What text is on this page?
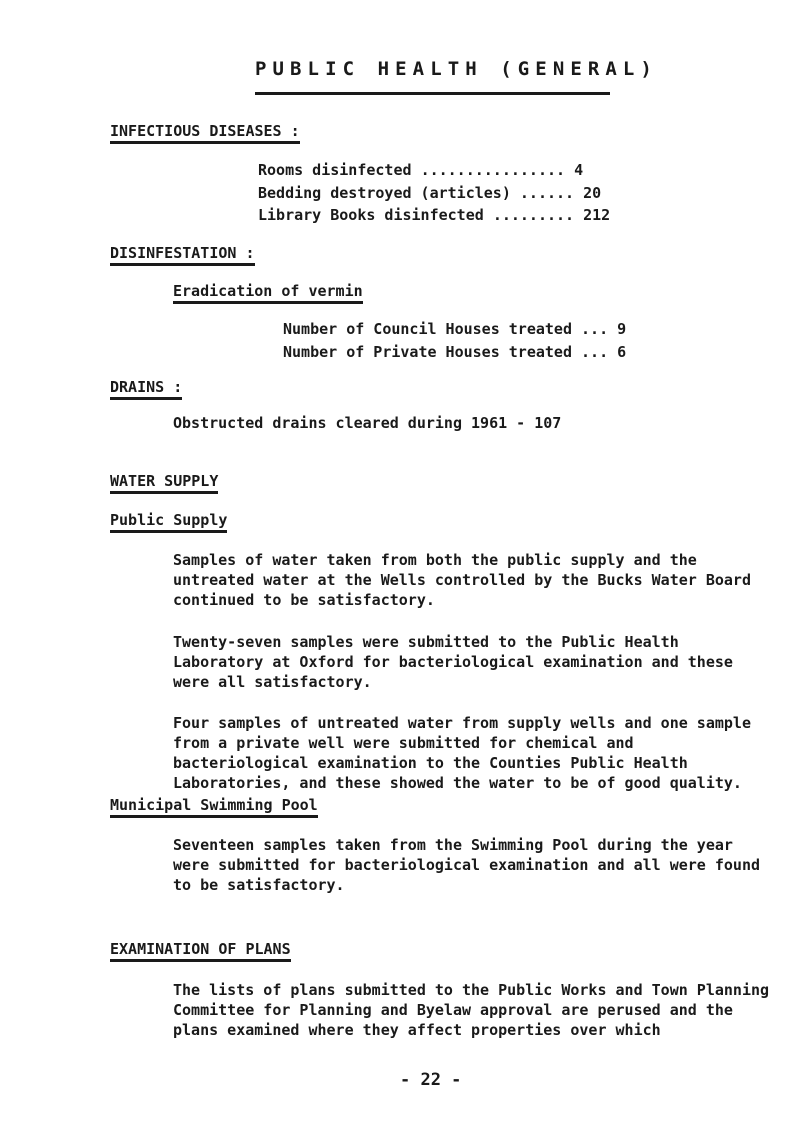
PUBLIC HEALTH (GENERAL)
INFECTIOUS DISEASES :
Rooms disinfected ................ 4
Bedding destroyed (articles) ...... 20
Library Books disinfected ......... 212
DISINFESTATION :
Eradication of vermin
Number of Council Houses treated ... 9
Number of Private Houses treated ... 6
DRAINS :
Obstructed drains cleared during 1961 - 107
WATER SUPPLY
Public Supply
Samples of water taken from both the public supply and the untreated water at the Wells controlled by the Bucks Water Board continued to be satisfactory.
Twenty-seven samples were submitted to the Public Health Laboratory at Oxford for bacteriological examination and these were all satisfactory.
Four samples of untreated water from supply wells and one sample from a private well were submitted for chemical and bacteriological examination to the Counties Public Health Laboratories, and these showed the water to be of good quality.
Municipal Swimming Pool
Seventeen samples taken from the Swimming Pool during the year were submitted for bacteriological examination and all were found to be satisfactory.
EXAMINATION OF PLANS
The lists of plans submitted to the Public Works and Town Planning Committee for Planning and Byelaw approval are perused and the plans examined where they affect properties over which
- 22 -
